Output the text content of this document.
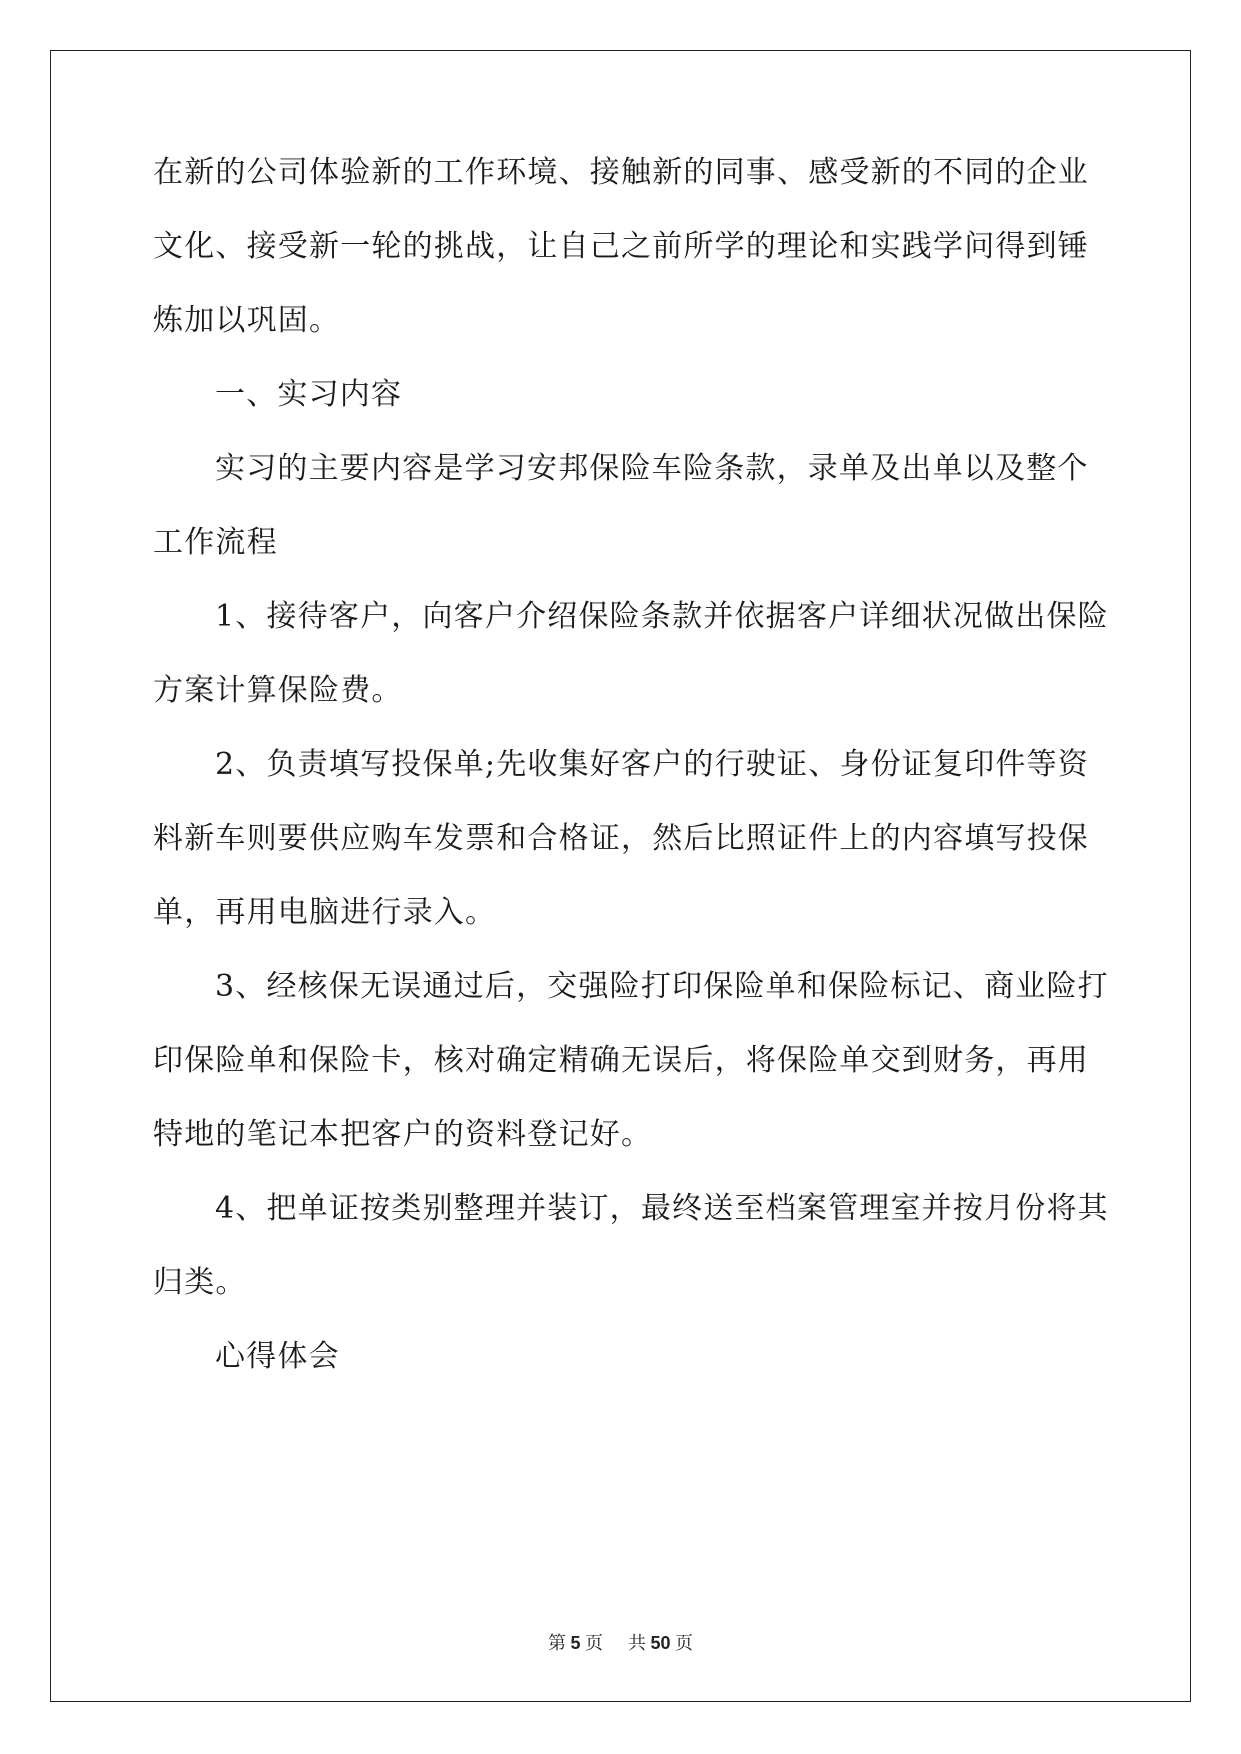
在新的公司体验新的工作环境、接触新的同事、感受新的不同的企业
文化、接受新一轮的挑战，让自己之前所学的理论和实践学问得到锤
炼加以巩固。
一、实习内容
实习的主要内容是学习安邦保险车险条款，录单及出单以及整个
工作流程
1、接待客户，向客户介绍保险条款并依据客户详细状况做出保险
方案计算保险费。
2、负责填写投保单;先收集好客户的行驶证、身份证复印件等资
料新车则要供应购车发票和合格证，然后比照证件上的内容填写投保
单，再用电脑进行录入。
3、经核保无误通过后，交强险打印保险单和保险标记、商业险打
印保险单和保险卡，核对确定精确无误后，将保险单交到财务，再用
特地的笔记本把客户的资料登记好。
4、把单证按类别整理并装订，最终送至档案管理室并按月份将其
归类。
心得体会
第 5 页 共 50 页
